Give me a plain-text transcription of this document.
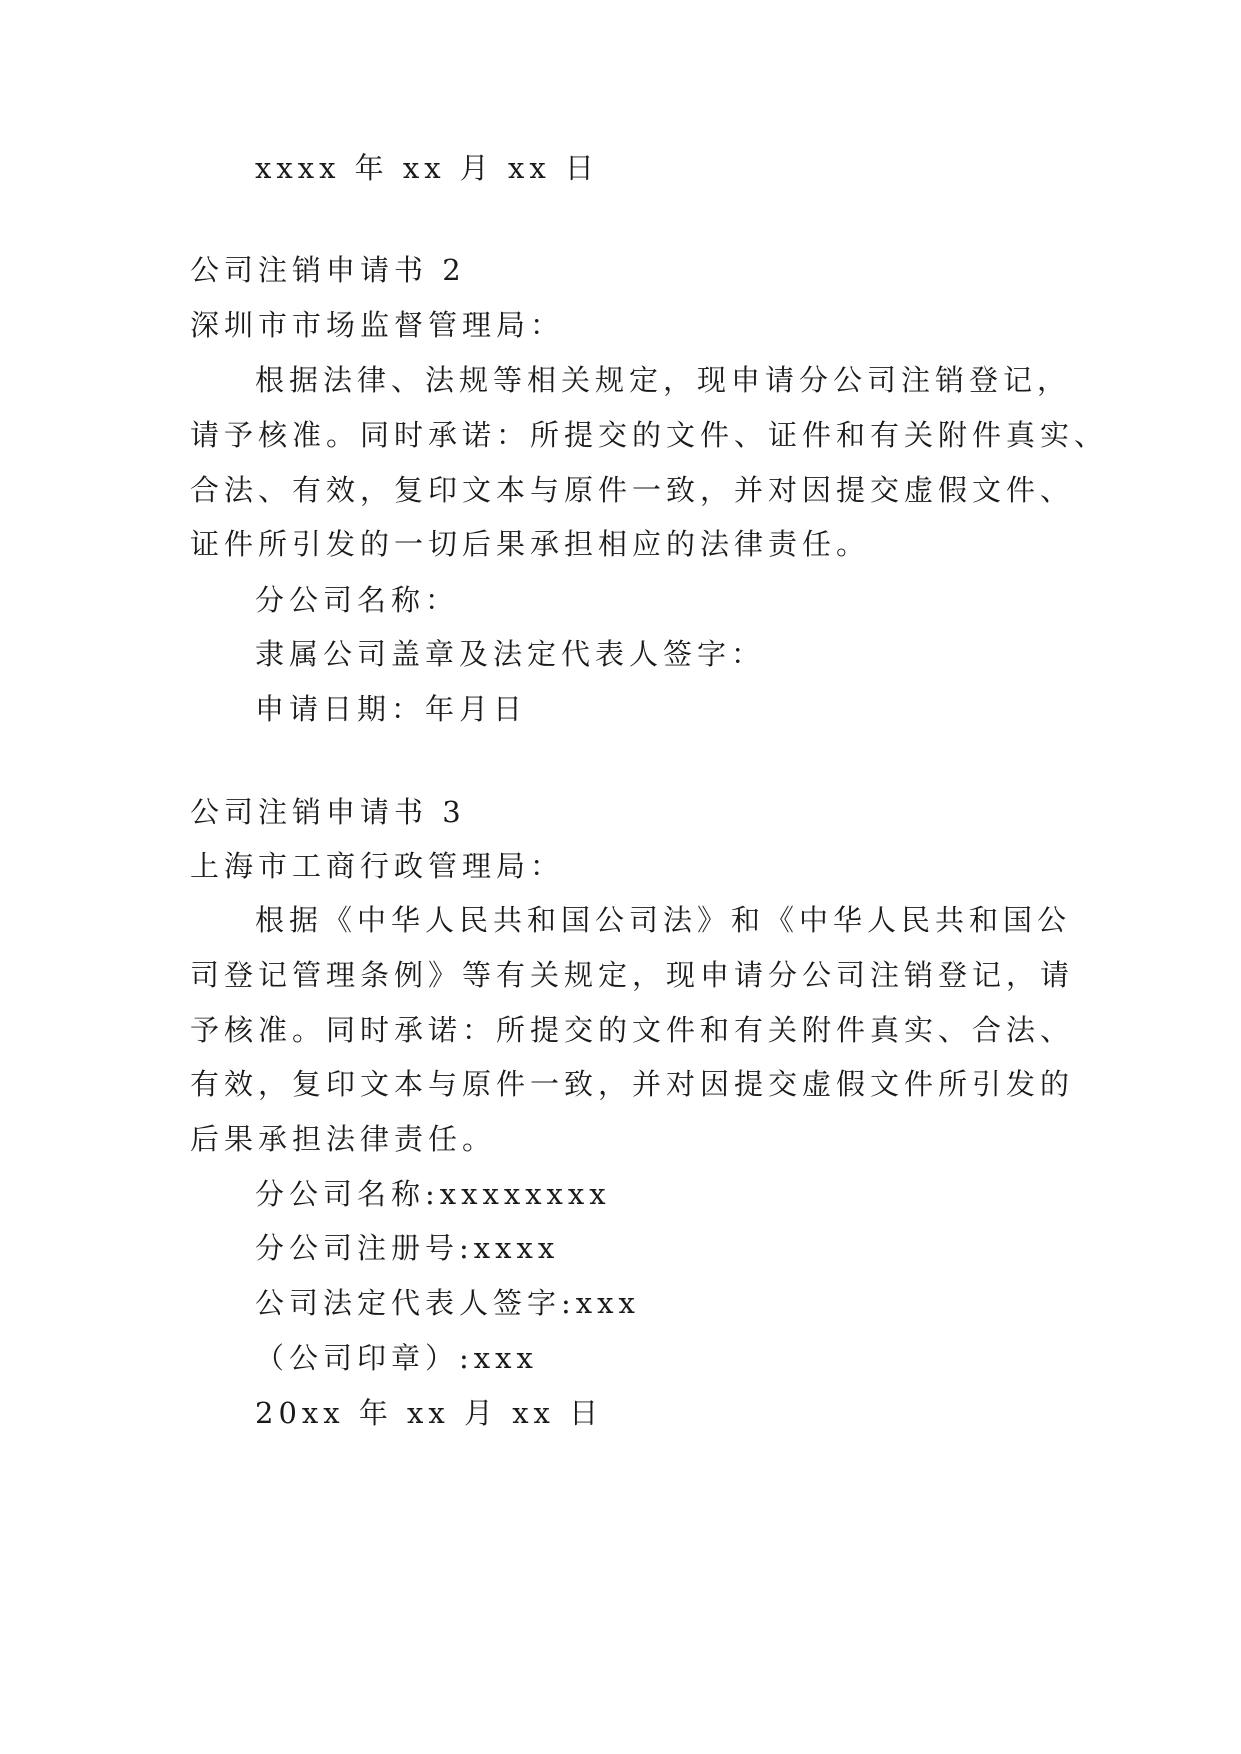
xxxx 年 xx 月 xx 日
公司注销申请书 2
深圳市市场监督管理局：
根据法律、法规等相关规定，现申请分公司注销登记，
请予核准。同时承诺：所提交的文件、证件和有关附件真实、
合法、有效，复印文本与原件一致，并对因提交虚假文件、
证件所引发的一切后果承担相应的法律责任。
分公司名称：
隶属公司盖章及法定代表人签字：
申请日期：年月日
公司注销申请书 3
上海市工商行政管理局：
根据《中华人民共和国公司法》和《中华人民共和国公
司登记管理条例》等有关规定，现申请分公司注销登记，请
予核准。同时承诺：所提交的文件和有关附件真实、合法、
有效，复印文本与原件一致，并对因提交虚假文件所引发的
后果承担法律责任。
分公司名称:xxxxxxxx
分公司注册号:xxxx
公司法定代表人签字:xxx
（公司印章）:xxx
20xx 年 xx 月 xx 日
